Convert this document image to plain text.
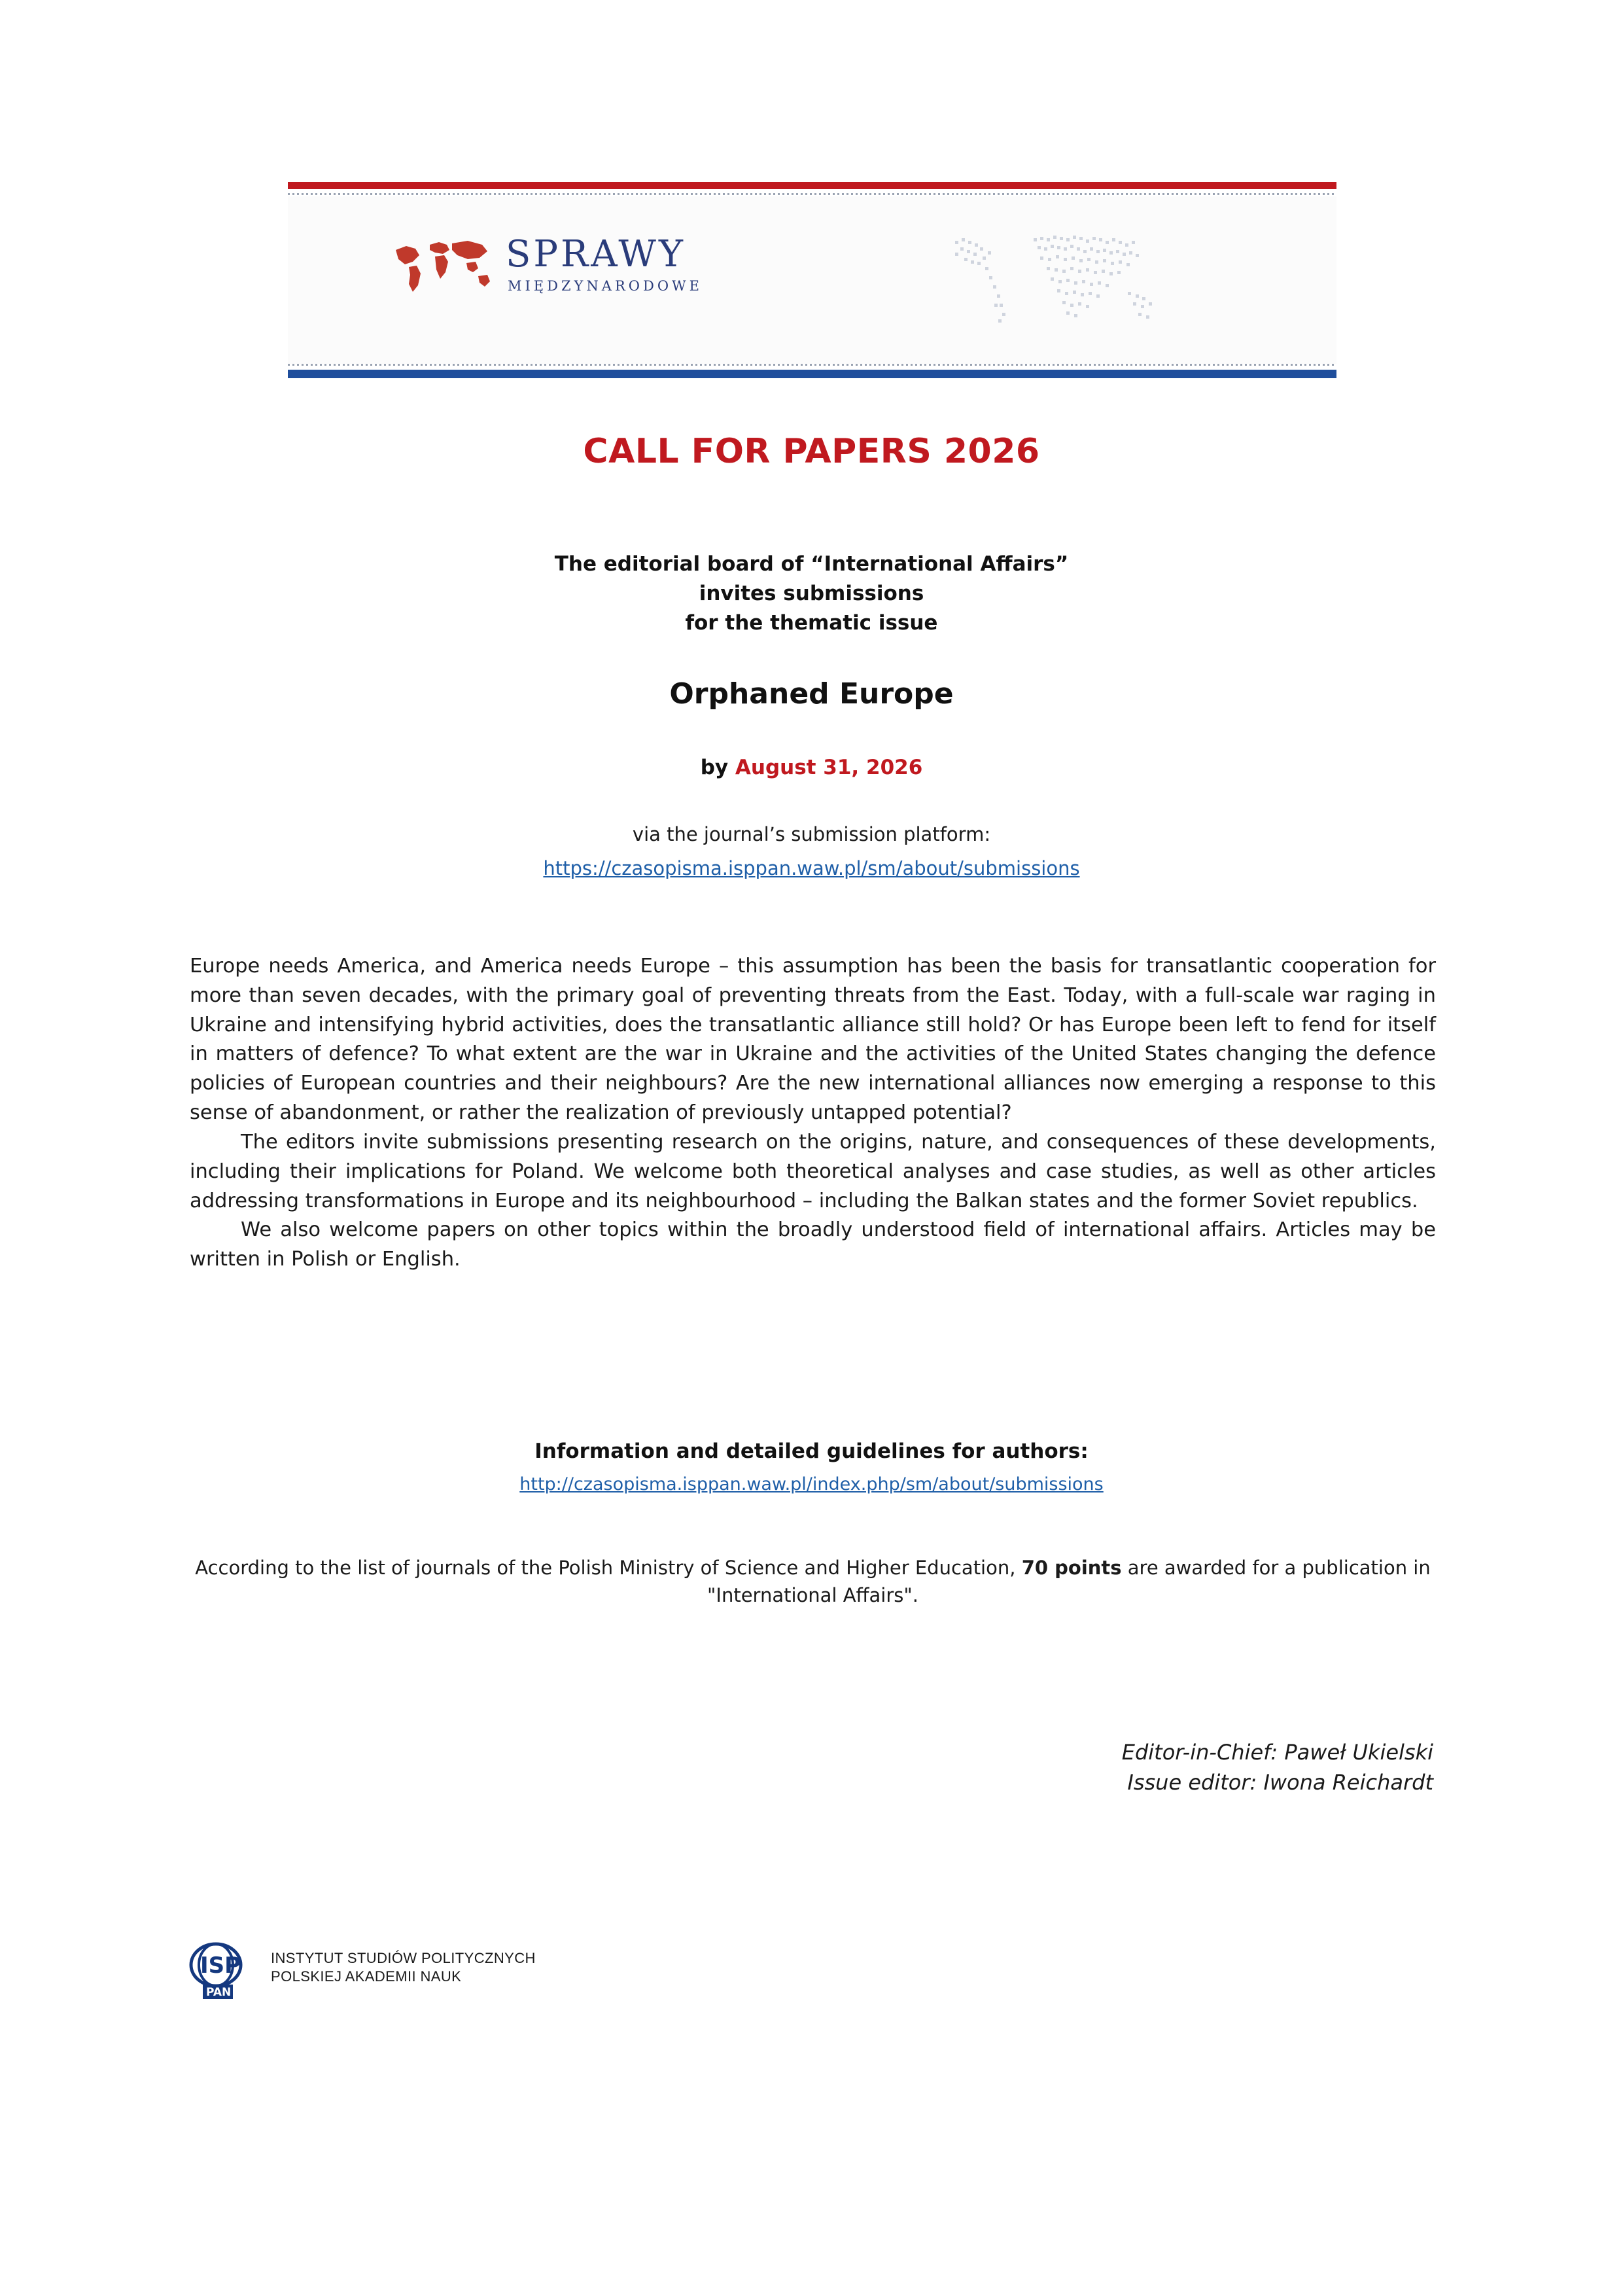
SPRAWY
MIĘDZYNARODOWE
CALL FOR PAPERS 2026
The editorial board of “International Affairs”
invites submissions
for the thematic issue
Orphaned Europe
by August 31, 2026
via the journal’s submission platform:
https://czasopisma.isppan.waw.pl/sm/about/submissions

Europe needs America, and America needs Europe – this assumption has been the basis for transatlantic cooperation for more than seven decades, with the primary goal of preventing threats from the East. Today, with a full-scale war raging in Ukraine and intensifying hybrid activities, does the transatlantic alliance still hold? Or has Europe been left to fend for itself in matters of defence? To what extent are the war in Ukraine and the activities of the United States changing the defence policies of European countries and their neighbours? Are the new international alliances now emerging a response to this sense of abandonment, or rather the realization of previously untapped potential?

The editors invite submissions presenting research on the origins, nature, and consequences of these developments, including their implications for Poland. We welcome both theoretical analyses and case studies, as well as other articles addressing transformations in Europe and its neighbourhood – including the Balkan states and the former Soviet republics.

We also welcome papers on other topics within the broadly understood field of international affairs. Articles may be written in Polish or English.

Information and detailed guidelines for authors:
http://czasopisma.isppan.waw.pl/index.php/sm/about/submissions
According to the list of journals of the Polish Ministry of Science and Higher Education, 70 points are awarded for a publication in "International Affairs".
Editor-in-Chief: Paweł Ukielski
Issue editor: Iwona Reichardt
ISP
PAN
INSTYTUT STUDIÓW POLITYCZNYCH
POLSKIEJ AKADEMII NAUK
